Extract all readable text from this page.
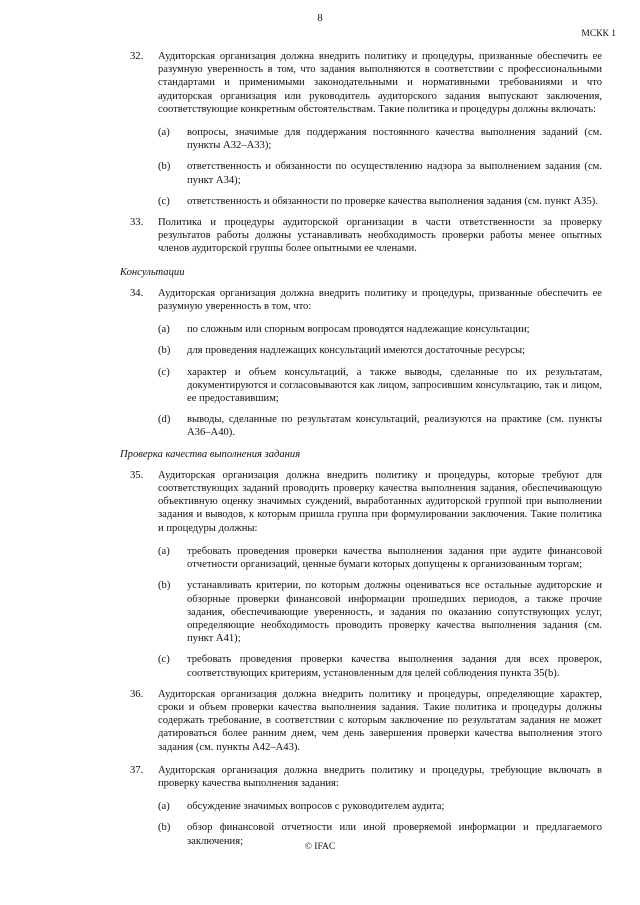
8
МСКК 1
32. Аудиторская организация должна внедрить политику и процедуры, призванные обеспечить ее разумную уверенность в том, что задания выполняются в соответствии с профессиональными стандартами и применимыми законодательными и нормативными требованиями и что аудиторская организация или руководитель аудиторского задания выпускают заключения, соответствующие конкретным обстоятельствам. Такие политика и процедуры должны включать:
(a) вопросы, значимые для поддержания постоянного качества выполнения заданий (см. пункты А32–А33);
(b) ответственность и обязанности по осуществлению надзора за выполнением задания (см. пункт А34);
(c) ответственность и обязанности по проверке качества выполнения задания (см. пункт А35).
33. Политика и процедуры аудиторской организации в части ответственности за проверку результатов работы должны устанавливать необходимость проверки работы менее опытных членов аудиторской группы более опытными ее членами.
Консультации
34. Аудиторская организация должна внедрить политику и процедуры, призванные обеспечить ее разумную уверенность в том, что:
(a) по сложным или спорным вопросам проводятся надлежащие консультации;
(b) для проведения надлежащих консультаций имеются достаточные ресурсы;
(c) характер и объем консультаций, а также выводы, сделанные по их результатам, документируются и согласовываются как лицом, запросившим консультацию, так и лицом, ее предоставившим;
(d) выводы, сделанные по результатам консультаций, реализуются на практике (см. пункты А36–А40).
Проверка качества выполнения задания
35. Аудиторская организация должна внедрить политику и процедуры, которые требуют для соответствующих заданий проводить проверку качества выполнения задания, обеспечивающую объективную оценку значимых суждений, выработанных аудиторской группой при выполнении задания и выводов, к которым пришла группа при формулировании заключения. Такие политика и процедуры должны:
(a) требовать проведения проверки качества выполнения задания при аудите финансовой отчетности организаций, ценные бумаги которых допущены к организованным торгам;
(b) устанавливать критерии, по которым должны оцениваться все остальные аудиторские и обзорные проверки финансовой информации прошедших периодов, а также прочие задания, обеспечивающие уверенность, и задания по оказанию сопутствующих услуг, определяющие необходимость проводить проверку качества выполнения задания (см. пункт А41);
(c) требовать проведения проверки качества выполнения задания для всех проверок, соответствующих критериям, установленным для целей соблюдения пункта 35(b).
36. Аудиторская организация должна внедрить политику и процедуры, определяющие характер, сроки и объем проверки качества выполнения задания. Такие политика и процедуры должны содержать требование, в соответствии с которым заключение по результатам задания не может датироваться более ранним днем, чем день завершения проверки качества выполнения этого задания (см. пункты А42–А43).
37. Аудиторская организация должна внедрить политику и процедуры, требующие включать в проверку качества выполнения задания:
(a) обсуждение значимых вопросов с руководителем аудита;
(b) обзор финансовой отчетности или иной проверяемой информации и предлагаемого заключения;
© IFAC
